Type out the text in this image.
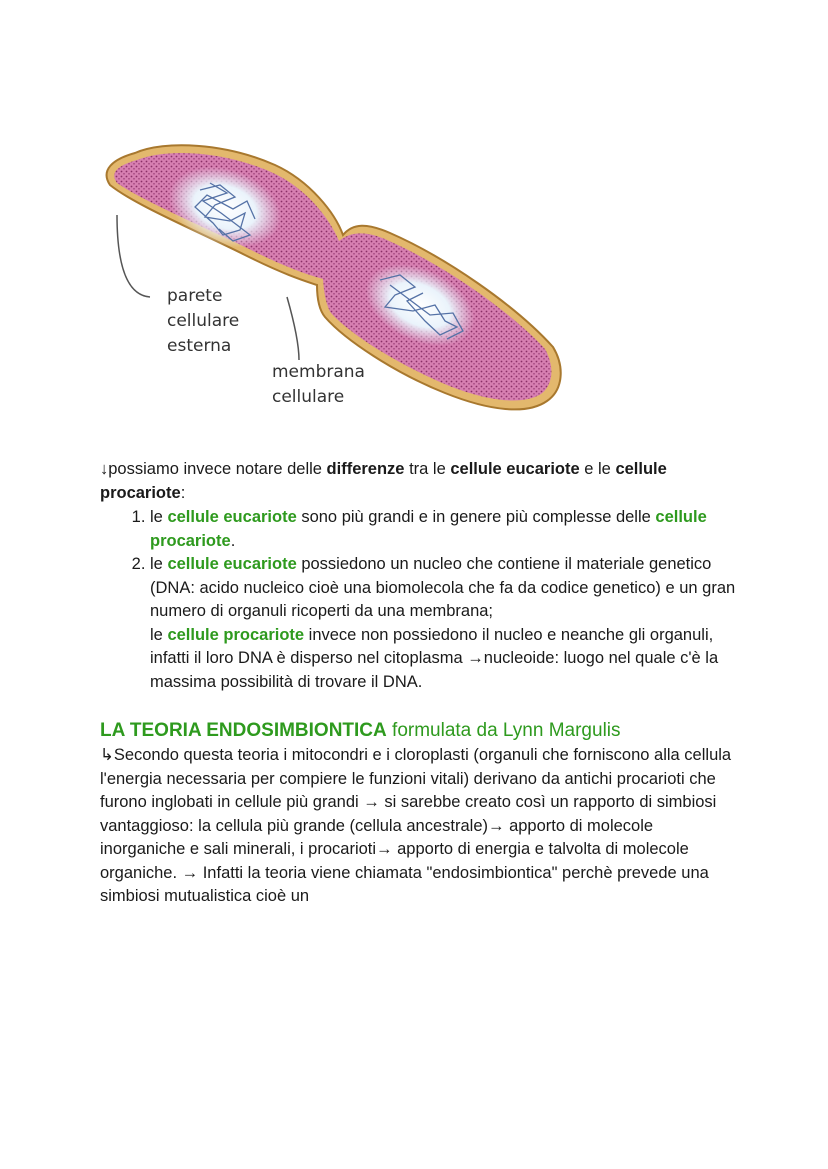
parete
cellulare
esterna
membrana
cellulare

↓possiamo invece notare delle differenze tra le cellule eucariote e le cellule procariote:

1. le cellule eucariote sono più grandi e in genere più complesse delle cellule procariote.
2. le cellule eucariote possiedono un nucleo che contiene il materiale genetico (DNA: acido nucleico cioè una biomolecola che fa da codice genetico) e un gran numero di organuli ricoperti da una membrana;
le cellule procariote invece non possiedono il nucleo e neanche gli organuli, infatti il loro DNA è disperso nel citoplasma →nucleoide: luogo nel quale c'è la massima possibilità di trovare il DNA.
LA TEORIA ENDOSIMBIONTICA formulata da Lynn Margulis

↳Secondo questa teoria i mitocondri e i cloroplasti (organuli che forniscono alla cellula l'energia necessaria per compiere le funzioni vitali) derivano da antichi procarioti che furono inglobati in cellule più grandi → si sarebbe creato così un rapporto di simbiosi vantaggioso: la cellula più grande (cellula ancestrale)→ apporto di molecole inorganiche e sali minerali, i procarioti→ apporto di energia e talvolta di molecole organiche. → Infatti la teoria viene chiamata "endosimbiontica" perchè prevede una simbiosi mutualistica cioè un
